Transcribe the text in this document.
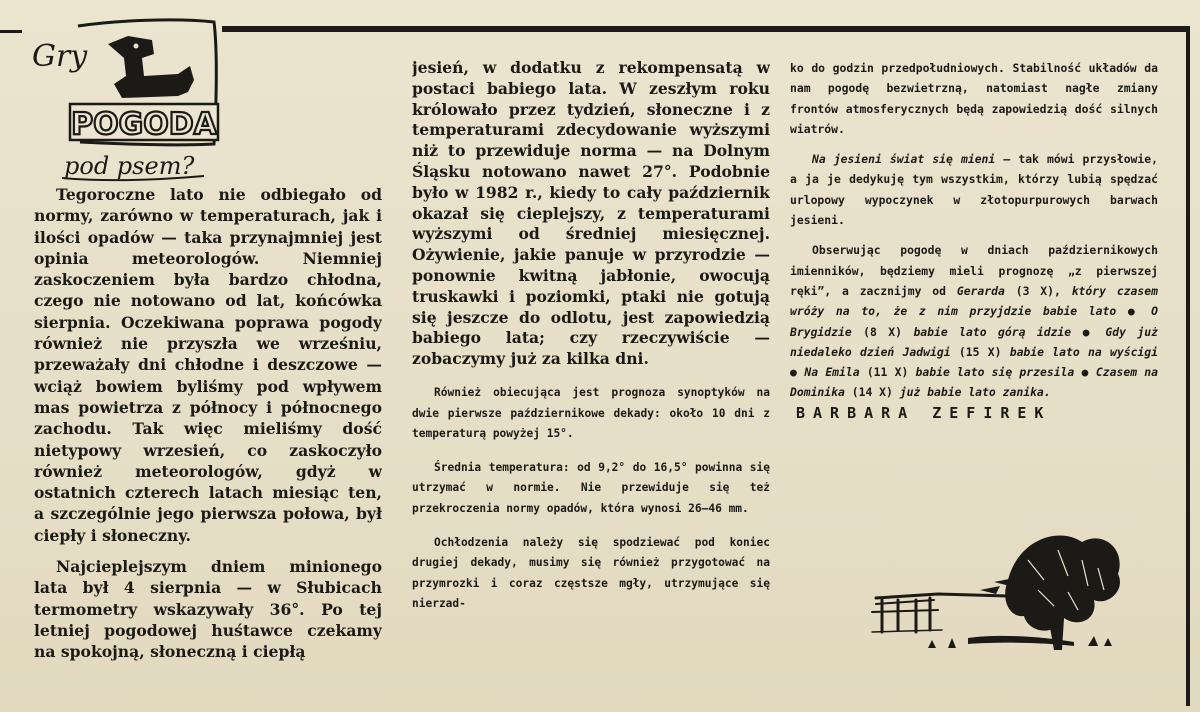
Gry
POGODA
pod psem?

Tegoroczne lato nie odbiegało od normy, zarówno w temperaturach, jak i ilości opadów — taka przynajmniej jest opinia meteorologów. Niemniej zaskoczeniem była bardzo chłodna, czego nie notowano od lat, końcówka sierpnia. Oczekiwana poprawa pogody również nie przyszła we wrześniu, przeważały dni chłodne i deszczowe — wciąż bowiem byliśmy pod wpływem mas powietrza z północy i północnego zachodu. Tak więc mieliśmy dość nietypowy wrzesień, co zaskoczyło również meteorologów, gdyż w ostatnich czterech latach miesiąc ten, a szczególnie jego pierwsza połowa, był ciepły i słoneczny.

Najcieplejszym dniem minionego lata był 4 sierpnia — w Słubicach termometry wskazywały 36°. Po tej letniej pogodowej huśtawce czekamy na spokojną, słoneczną i ciepłą

jesień, w dodatku z rekompensatą w postaci babiego lata. W zeszłym roku królowało przez tydzień, słoneczne i z temperaturami zdecydowanie wyższymi niż to przewiduje norma — na Dolnym Śląsku notowano nawet 27°. Podobnie było w 1982 r., kiedy to cały październik okazał się cieplejszy, z temperaturami wyższymi od średniej miesięcznej. Ożywienie, jakie panuje w przyrodzie — ponownie kwitną jabłonie, owocują truskawki i poziomki, ptaki nie gotują się jeszcze do odlotu, jest zapowiedzią babiego lata; czy rzeczywiście — zobaczymy już za kilka dni.

Również obiecująca jest prognoza synoptyków na dwie pierwsze październikowe dekady: około 10 dni z temperaturą powyżej 15°.

Średnia temperatura: od 9,2° do 16,5° powinna się utrzymać w normie. Nie przewiduje się też przekroczenia normy opadów, która wynosi 26—46 mm.

Ochłodzenia należy się spodziewać pod koniec drugiej dekady, musimy się również przygotować na przymrozki i coraz częstsze mgły, utrzymujące się nierzad-

ko do godzin przedpołudniowych. Stabilność układów da nam pogodę bezwietrzną, natomiast nagłe zmiany frontów atmosferycznych będą zapowiedzią dość silnych wiatrów.

Na jesieni świat się mieni — tak mówi przysłowie, a ja je dedykuję tym wszystkim, którzy lubią spędzać urlopowy wypoczynek w złotopurpurowych barwach jesieni.

Obserwując pogodę w dniach październikowych imienników, będziemy mieli prognozę „z pierwszej ręki”, a zacznijmy od Gerarda (3 X), który czasem wróży na to, że z nim przyjdzie babie lato ● O Brygidzie (8 X) babie lato górą idzie ● Gdy już niedaleko dzień Jadwigi (15 X) babie lato na wyścigi ● Na Emila (11 X) babie lato się przesila ● Czasem na Dominika (14 X) już babie lato zanika.

BARBARA ZEFIREK
